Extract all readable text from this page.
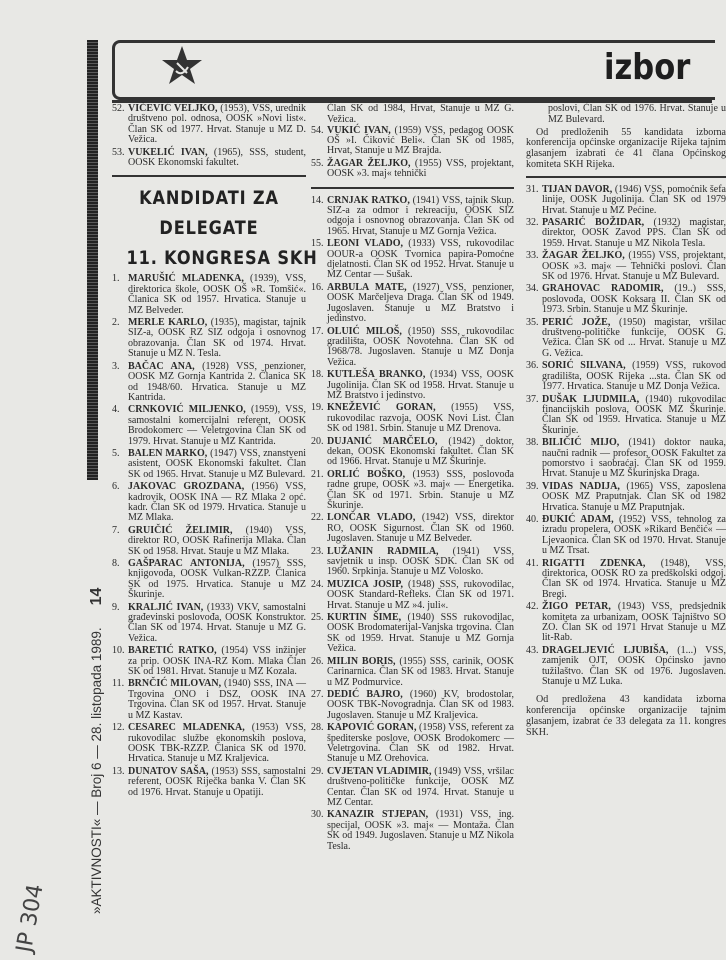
izbor
52. VIČEVIĆ VELJKO, (1953), VSS, urednik društveno pol. odnosa, OOSK »Novi list«. Član SK od 1977. Hrvat. Stanuje u MZ D. Vežica.
53. VUKELIĆ IVAN, (1965), SSS, student, OOSK Ekonomski fakultet.
KANDIDATI ZA
DELEGATE
11. KONGRESA SKH
1. MARUŠIĆ MLADENKA, (1939), VSS, direktorica škole, OOSK OŠ »R. Tomšić«. Članica SK od 1957. Hrvatica. Stanuje u MZ Belveder.
2. MERLE KARLO, (1935), magistar, tajnik SIZ-a, OOSK RZ SIZ odgoja i osnovnog obrazovanja. Član SK od 1974. Hrvat. Stanuje u MZ N. Tesla.
3. BAČAC ANA, (1928) VSS, penzioner, OOSK MZ Gornja Kantrida 2. Članica SK od 1948/60. Hrvatica. Stanuje u MZ Kantrida.
4. CRNKOVIĆ MILJENKO, (1959), VSS, samostalni komercijalni referent, OOSK Brodokomerc — Veletrgovina Član SK od 1979. Hrvat. Stanuje u MZ Kantrida.
5. BALEN MARKO, (1947) VSS, znanstveni asistent, OOSK Ekonomski fakultet. Član SK od 1965. Hrvat. Stanuje u MZ Bulevard.
6. JAKOVAC GROZDANA, (1956) VSS, kadrovik, OOSK INA — RZ Mlaka 2 opć. kadr. Član SK od 1979. Hrvatica. Stanuje u MZ Mlaka.
7. GRUIČIĆ ŽELIMIR, (1940) VSS, direktor RO, OOSK Rafinerija Mlaka. Član SK od 1958. Hrvat. Stauje u MZ Mlaka.
8. GAŠPARAC ANTONIJA, (1957) SSS, knjigovođa, OOSK Vulkan-RZZP. Članica SK od 1975. Hrvatica. Stanuje u MZ Škurinje.
9. KRALJIĆ IVAN, (1933) VKV, samostalni građevinski poslovođa, OOSK Konstruktor. Član SK od 1974. Hrvat. Stanuje u MZ G. Vežica.
10. BARETIĆ RATKO, (1954) VSS inžinjer za prip. OOSK INA-RZ Kom. Mlaka Član SK od 1981. Hrvat. Stanuje u MZ Kozala.
11. BRNČIĆ MILOVAN, (1940) SSS, INA — Trgovina ONO i DSZ, OOSK INA Trgovina. Član SK od 1957. Hrvat. Stanuje u MZ Kastav.
12. CESAREC MLADENKA, (1953) VSS, rukovodilac službe ekonomskih poslova, OOSK TBK-RZZP. Članica SK od 1970. Hrvatica. Stanuje u MZ Kraljevica.
13. DUNATOV SAŠA, (1953) SSS, samostalni referent, OOSK Riječka banka V. Član SK od 1976. Hrvat. Stanuje u Opatiji.
Član SK od 1984, Hrvat, Stanuje u MZ G. Vežica.
54. VUKIĆ IVAN, (1959) VSS, pedagog OOSK OŠ »I. Čiković Beli«. Član SK od 1985, Hrvat, Stanuje u MZ Brajda.
55. ŽAGAR ŽELJKO, (1955) VSS, projektant, OOSK »3. maj« tehnički
14. CRNJAK RATKO, (1941) VSS, tajnik Skup. SIZ-a za odmor i rekreaciju, OOSK SIZ odgoja i osnovnog obrazovanja. Član SK od 1965. Hrvat, Stanuje u MZ Gornja Vežica.
15. LEONI VLADO, (1933) VSS, rukovodilac OOUR-a OOSK Tvornica papira-Pomoćne djelatnosti. Član SK od 1952. Hrvat. Stanuje u MZ Centar — Sušak.
16. ARBULA MATE, (1927) VSS, penzioner, OOSK Marčeljeva Draga. Član SK od 1949. Jugoslaven. Stanuje u MZ Bratstvo i jedinstvo.
17. OLUIĆ MILOŠ, (1950) SSS, rukovodilac gradilišta, OOSK Novotehna. Član SK od 1968/78. Jugoslaven. Stanuje u MZ Donja Vežica.
18. KUTLEŠA BRANKO, (1934) VSS, OOSK Jugolinija. Član SK od 1958. Hrvat. Stanuje u MZ Bratstvo i jedinstvo.
19. KNEŽEVIĆ GORAN, (1955) VSS, rukovodilac razvoja, OOSK Novi List. Član SK od 1981. Srbin. Stanuje u MZ Drenova.
20. DUJANIĆ MARČELO, (1942) doktor, dekan, OOSK Ekonomski fakultet. Član SK od 1966. Hrvat. Stanuje u MZ Škurinje.
21. ORLIĆ BOŠKO, (1953) SSS, poslovođa radne grupe, OOSK »3. maj« — Energetika. Član SK od 1971. Srbin. Stanuje u MZ Škurinje.
22. LONČAR VLADO, (1942) VSS, direktor RO, OOSK Sigurnost. Član SK od 1960. Jugoslaven. Stanuje u MZ Belveder.
23. LUŽANIN RADMILA, (1941) VSS, savjetnik u insp. OOSK SDK. Član SK od 1960. Srpkinja. Stanuje u MZ Volosko.
24. MUZICA JOSIP, (1948) SSS, rukovodilac, OOSK Standard-Refleks. Član SK od 1971. Hrvat. Stanuje u MZ »4. juli«.
25. KURTIN ŠIME, (1940) SSS rukovodilac, OOSK Brodomaterijal-Vanjska trgovina. Član SK od 1959. Hrvat. Stanuje u MZ Gornja Vežica.
26. MILIN BORIS, (1955) SSS, carinik, OOSK Carinarnica. Član SK od 1983. Hrvat. Stanuje u MZ Podmurvice.
27. DEDIĆ BAJRO, (1960) KV, brodostolar, OOSK TBK-Novogradnja. Član SK od 1983. Jugoslaven. Stanuje u MZ Kraljevica.
28. KAPOVIĆ GORAN, (1958) VSS, referent za špediterske poslove, OOSK Brodokomerc — Veletrgovina. Član SK od 1982. Hrvat. Stanuje u MZ Orehovica.
29. CVJETAN VLADIMIR, (1949) VSS, vršilac društveno-političke funkcije, OOSK MZ Centar. Član SK od 1974. Hrvat. Stanuje u MZ Centar.
30. KANAZIR STJEPAN, (1931) VSS, ing. specijal, OOSK »3. maj« — Montaža. Član SK od 1949. Jugoslaven. Stanuje u MZ Nikola Tesla.
poslovi, Član SK od 1976. Hrvat. Stanuje u MZ Bulevard.
Od predloženih 55 kandidata izborna konferencija općinske organizacije Rijeka tajnim glasanjem izabrati će 41 člana Općinskog komiteta SKH Rijeka.
31. TIJAN DAVOR, (1946) VSS, pomoćnik šefa linije, OOSK Jugolinija. Član SK od 1979 Hrvat. Stanuje u MZ Pećine.
32. PASARIĆ BOŽIDAR, (1932) magistar, direktor, OOSK Zavod PPS. Član SK od 1959. Hrvat. Stanuje u MZ Nikola Tesla.
33. ŽAGAR ŽELJKO, (1955) VSS, projektant, OOSK »3. maj« — Tehnički poslovi. Član SK od 1976. Hrvat. Stanuje u MZ Bulevard.
34. GRAHOVAC RADOMIR, (19..) SSS, poslovođa, OOSK Koksara II. Član SK od 1973. Srbin. Stanuje u MZ Škurinje.
35. PERIĆ JOŽE, (1950) magistar, vršilac društveno-političke funkcije, OOSK G. Vežica. Član SK od ... Hrvat. Stanuje u MZ G. Vežica.
36. SORIĆ SILVANA, (1959) VSS, rukovod gradilišta, OOSK Rijeka ...sta. Član SK od 1977. Hrvatica. Stanuje u MZ Donja Vežica.
37. DUŠAK LJUDMILA, (1940) rukovodilac financijskih poslova, OOSK MZ Škurinje. Član SK od 1959. Hrvatica. Stanuje u MZ Škurinje.
38. BILIČIĆ MIJO, (1941) doktor nauka, naučni radnik — profesor, OOSK Fakultet za pomorstvo i saobraćaj. Član SK od 1959. Hrvat. Stanuje u MZ Škurinjska Draga.
39. VIDAS NADIJA, (1965) VSS, zaposlena OOSK MZ Praputnjak. Član SK od 1982 Hrvatica. Stanuje u MZ Praputnjak.
40. ĐUKIĆ ADAM, (1952) VSS, tehnolog za izradu propelera, OOSK »Rikard Benčić« — Ljevaonica. Član SK od 1970. Hrvat. Stanuje u MZ Trsat.
41. RIGATTI ZDENKA, (1948), VSS, direktorica, OOSK RO za predškolski odgoj. Član SK od 1974. Hrvatica. Stanuje u MZ Bregi.
42. ŽIGO PETAR, (1943) VSS, predsjednik komiteta za urbanizam, OOSK Tajništvo SO ZO. Član SK od 1971 Hrvat Stanuje u MZ lit-Rab.
43. DRAGELJEVIĆ LJUBIŠA, (1...) VSS, zamjenik OJT, OOSK Općinsko javno tužilaštvo. Član SK od 1976. Jugoslaven. Stanuje u MZ Luka.
Od predložena 43 kandidata izborna konferencija općinske organizacije tajnim glasanjem, izabrat će 33 delegata za 11. kongres SKH.
»AKTIVNOSTI« — Broj 6 — 28. listopada 1989.14
JP 304
